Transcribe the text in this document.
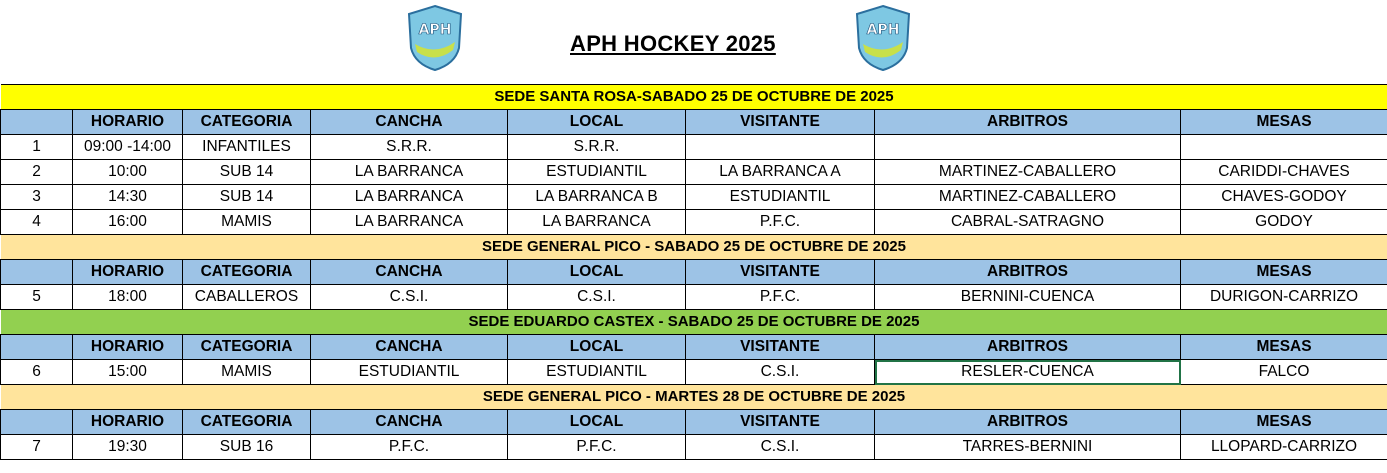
APH
APH HOCKEY 2025
APH
SEDE SANTA ROSA-SABADO 25 DE OCTUBRE DE 2025							
	HORARIO	CATEGORIA	CANCHA	LOCAL	VISITANTE	ARBITROS	MESAS
1	09:00 -14:00	INFANTILES	S.R.R.	S.R.R.			
2	10:00	SUB 14	LA BARRANCA	ESTUDIANTIL	LA BARRANCA A	MARTINEZ-CABALLERO	CARIDDI-CHAVES
3	14:30	SUB 14	LA BARRANCA	LA BARRANCA B	ESTUDIANTIL	MARTINEZ-CABALLERO	CHAVES-GODOY
4	16:00	MAMIS	LA BARRANCA	LA BARRANCA	P.F.C.	CABRAL-SATRAGNO	GODOY
SEDE GENERAL PICO - SABADO 25 DE OCTUBRE DE 2025							
	HORARIO	CATEGORIA	CANCHA	LOCAL	VISITANTE	ARBITROS	MESAS
5	18:00	CABALLEROS	C.S.I.	C.S.I.	P.F.C.	BERNINI-CUENCA	DURIGON-CARRIZO
SEDE EDUARDO CASTEX - SABADO 25 DE OCTUBRE DE 2025							
	HORARIO	CATEGORIA	CANCHA	LOCAL	VISITANTE	ARBITROS	MESAS
6	15:00	MAMIS	ESTUDIANTIL	ESTUDIANTIL	C.S.I.	RESLER-CUENCA	FALCO
SEDE GENERAL PICO - MARTES 28 DE OCTUBRE DE 2025							
	HORARIO	CATEGORIA	CANCHA	LOCAL	VISITANTE	ARBITROS	MESAS
7	19:30	SUB 16	P.F.C.	P.F.C.	C.S.I.	TARRES-BERNINI	LLOPARD-CARRIZO
